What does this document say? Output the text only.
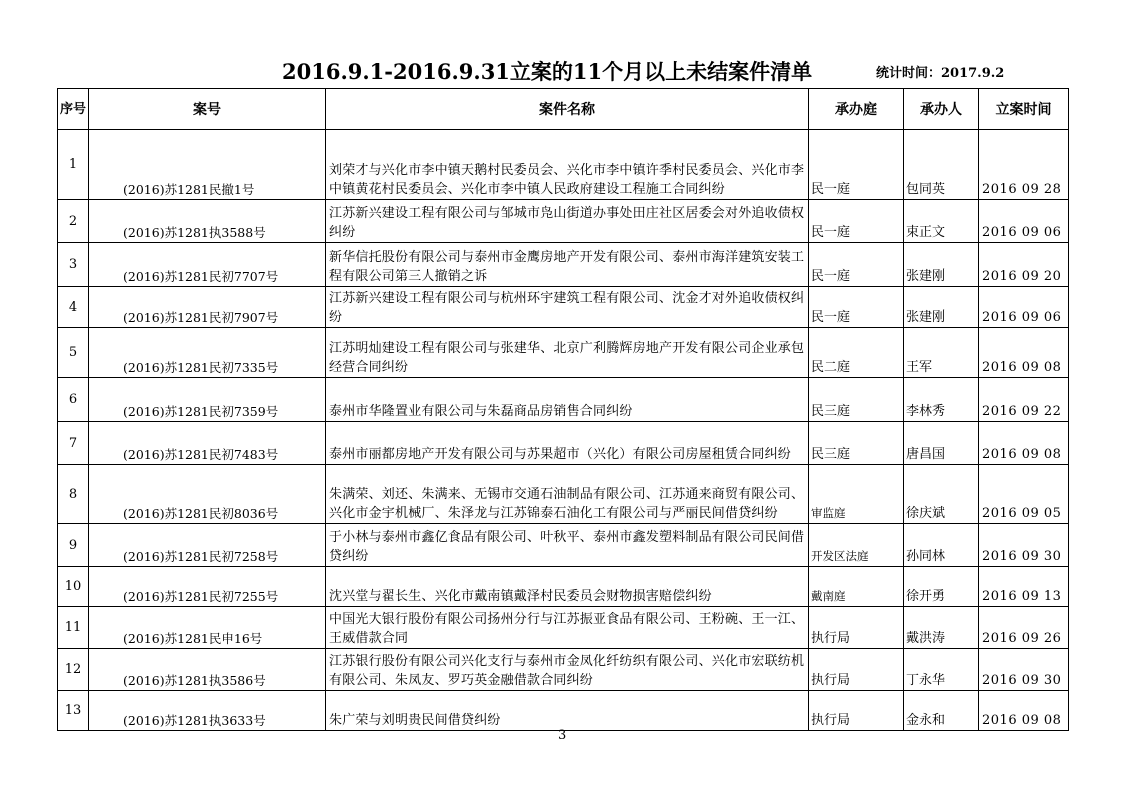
2016.9.1-2016.9.31立案的11个月以上未结案件清单	统计时间：2017.9.2
序号	案号	案件名称	承办庭	承办人	立案时间
1	(2016)苏1281民撤1号	刘荣才与兴化市李中镇天鹅村民委员会、兴化市李中镇许季村民委员会、兴化市李中镇黄花村民委员会、兴化市李中镇人民政府建设工程施工合同纠纷	民一庭	包同英	2016 09 28
2	(2016)苏1281执3588号	江苏新兴建设工程有限公司与邹城市凫山街道办事处田庄社区居委会对外追收债权纠纷	民一庭	束正文	2016 09 06
3	(2016)苏1281民初7707号	新华信托股份有限公司与泰州市金鹰房地产开发有限公司、泰州市海洋建筑安装工程有限公司第三人撤销之诉	民一庭	张建刚	2016 09 20
4	(2016)苏1281民初7907号	江苏新兴建设工程有限公司与杭州环宇建筑工程有限公司、沈金才对外追收债权纠纷	民一庭	张建刚	2016 09 06
5	(2016)苏1281民初7335号	江苏明灿建设工程有限公司与张建华、北京广利腾辉房地产开发有限公司企业承包经营合同纠纷	民二庭	王军	2016 09 08
6	(2016)苏1281民初7359号	泰州市华隆置业有限公司与朱磊商品房销售合同纠纷	民三庭	李林秀	2016 09 22
7	(2016)苏1281民初7483号	泰州市丽都房地产开发有限公司与苏果超市（兴化）有限公司房屋租赁合同纠纷	民三庭	唐昌国	2016 09 08
8	(2016)苏1281民初8036号	朱满荣、刘还、朱满来、无锡市交通石油制品有限公司、江苏通来商贸有限公司、兴化市金宇机械厂、朱泽龙与江苏锦泰石油化工有限公司与严丽民间借贷纠纷	审监庭	徐庆斌	2016 09 05
9	(2016)苏1281民初7258号	于小林与泰州市鑫亿食品有限公司、叶秋平、泰州市鑫发塑料制品有限公司民间借贷纠纷	开发区法庭	孙同林	2016 09 30
10	(2016)苏1281民初7255号	沈兴堂与翟长生、兴化市戴南镇戴泽村民委员会财物损害赔偿纠纷	戴南庭	徐开勇	2016 09 13
11	(2016)苏1281民申16号	中国光大银行股份有限公司扬州分行与江苏振亚食品有限公司、王粉碗、王一江、王威借款合同	执行局	戴洪涛	2016 09 26
12	(2016)苏1281执3586号	江苏银行股份有限公司兴化支行与泰州市金凤化纤纺织有限公司、兴化市宏联纺机有限公司、朱凤友、罗巧英金融借款合同纠纷	执行局	丁永华	2016 09 30
13	(2016)苏1281执3633号	朱广荣与刘明贵民间借贷纠纷	执行局	金永和	2016 09 08
3
